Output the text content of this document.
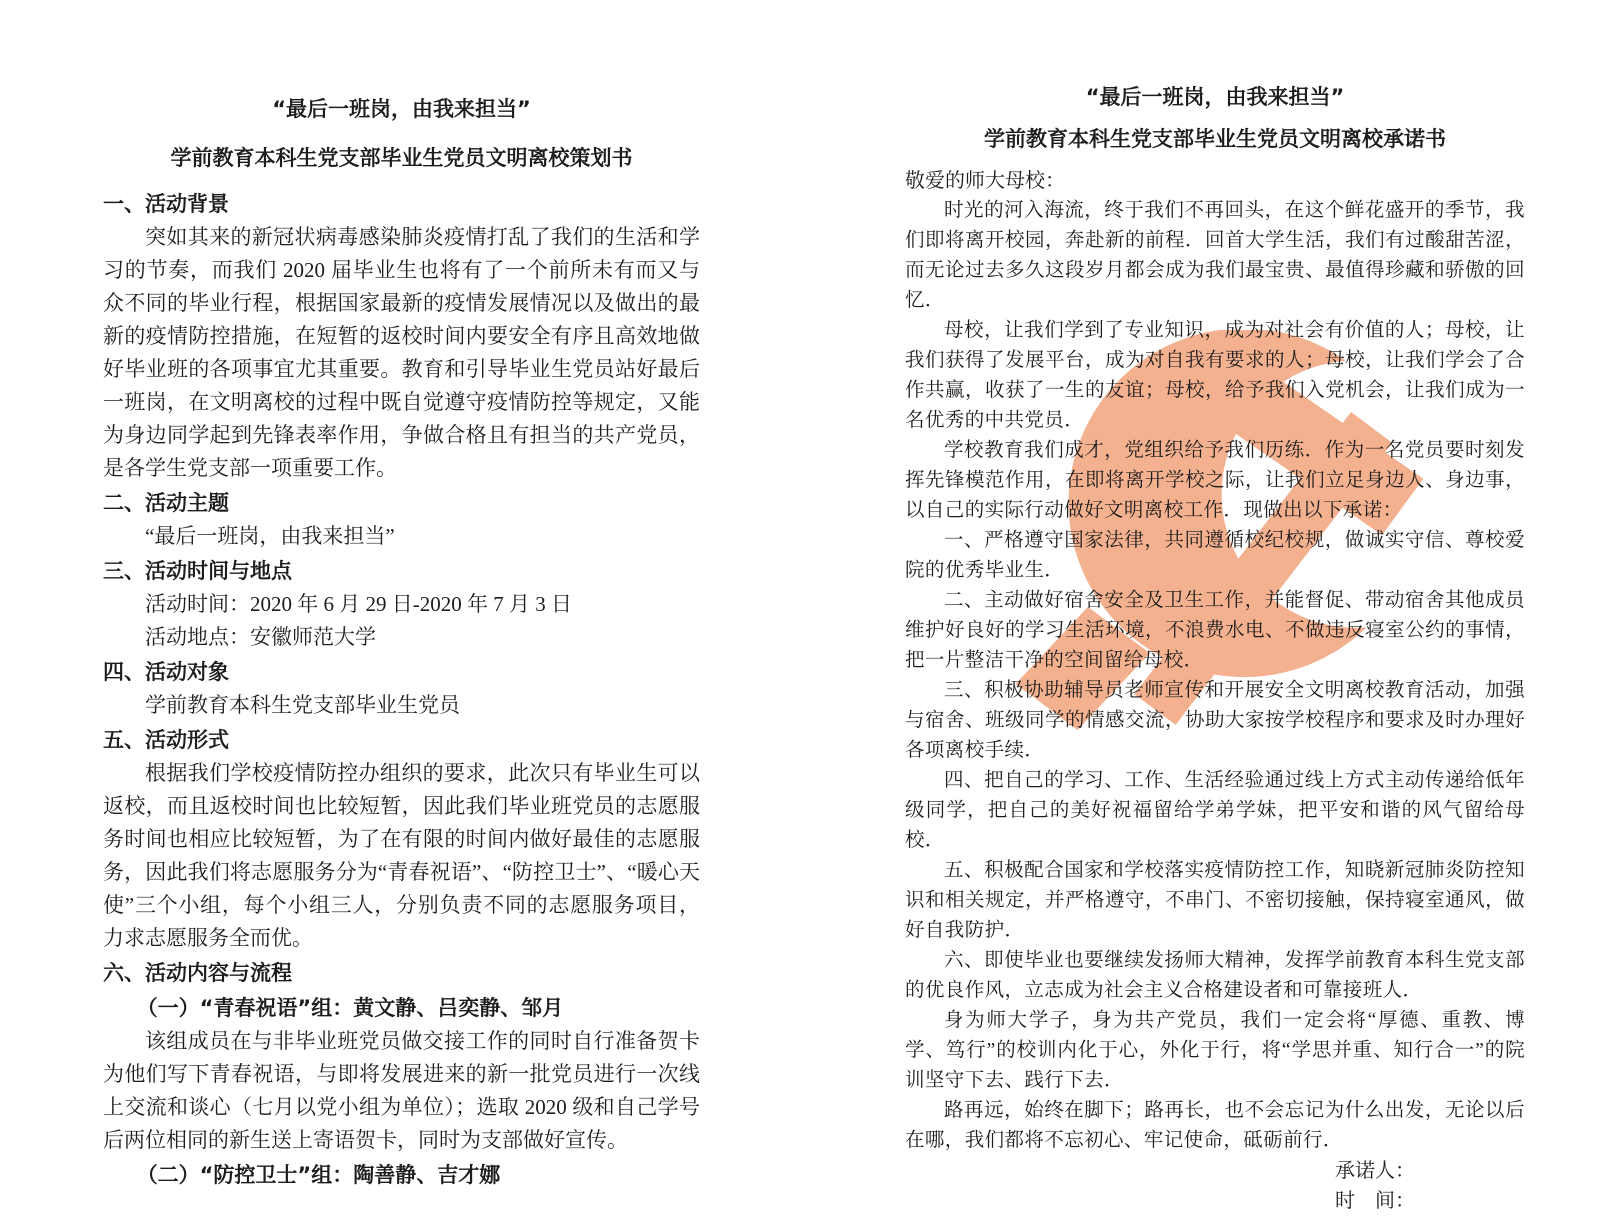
“最后一班岗，由我来担当”
学前教育本科生党支部毕业生党员文明离校策划书
一、活动背景
突如其来的新冠状病毒感染肺炎疫情打乱了我们的生活和学习的节奏，而我们 2020 届毕业生也将有了一个前所未有而又与众不同的毕业行程，根据国家最新的疫情发展情况以及做出的最新的疫情防控措施，在短暂的返校时间内要安全有序且高效地做好毕业班的各项事宜尤其重要。教育和引导毕业生党员站好最后一班岗，在文明离校的过程中既自觉遵守疫情防控等规定，又能为身边同学起到先锋表率作用，争做合格且有担当的共产党员，是各学生党支部一项重要工作。
二、活动主题
“最后一班岗，由我来担当”
三、活动时间与地点
活动时间：2020 年 6 月 29 日-2020 年 7 月 3 日
活动地点：安徽师范大学
四、活动对象
学前教育本科生党支部毕业生党员
五、活动形式
根据我们学校疫情防控办组织的要求，此次只有毕业生可以返校，而且返校时间也比较短暂，因此我们毕业班党员的志愿服务时间也相应比较短暂，为了在有限的时间内做好最佳的志愿服务，因此我们将志愿服务分为“青春祝语”、“防控卫士”、“暖心天使”三个小组，每个小组三人，分别负责不同的志愿服务项目，力求志愿服务全而优。
六、活动内容与流程
（一）“青春祝语”组：黄文静、吕奕静、邹月
该组成员在与非毕业班党员做交接工作的同时自行准备贺卡为他们写下青春祝语，与即将发展进来的新一批党员进行一次线上交流和谈心（七月以党小组为单位）；选取 2020 级和自己学号后两位相同的新生送上寄语贺卡，同时为支部做好宣传。
（二）“防控卫士”组：陶善静、吉才娜
“最后一班岗，由我来担当”
学前教育本科生党支部毕业生党员文明离校承诺书
敬爱的师大母校：
时光的河入海流，终于我们不再回头，在这个鲜花盛开的季节，我们即将离开校园，奔赴新的前程．回首大学生活，我们有过酸甜苦涩，而无论过去多久这段岁月都会成为我们最宝贵、最值得珍藏和骄傲的回忆．
母校，让我们学到了专业知识，成为对社会有价值的人；母校，让我们获得了发展平台，成为对自我有要求的人；母校，让我们学会了合作共赢，收获了一生的友谊；母校，给予我们入党机会，让我们成为一名优秀的中共党员．
学校教育我们成才，党组织给予我们历练．作为一名党员要时刻发挥先锋模范作用，在即将离开学校之际，让我们立足身边人、身边事，以自己的实际行动做好文明离校工作．现做出以下承诺：
一、严格遵守国家法律，共同遵循校纪校规，做诚实守信、尊校爱院的优秀毕业生．
二、主动做好宿舍安全及卫生工作，并能督促、带动宿舍其他成员维护好良好的学习生活环境，不浪费水电、不做违反寝室公约的事情，把一片整洁干净的空间留给母校．
三、积极协助辅导员老师宣传和开展安全文明离校教育活动，加强与宿舍、班级同学的情感交流，协助大家按学校程序和要求及时办理好各项离校手续．
四、把自己的学习、工作、生活经验通过线上方式主动传递给低年级同学，把自己的美好祝福留给学弟学妹，把平安和谐的风气留给母校．
五、积极配合国家和学校落实疫情防控工作，知晓新冠肺炎防控知识和相关规定，并严格遵守，不串门、不密切接触，保持寝室通风，做好自我防护．
六、即使毕业也要继续发扬师大精神，发挥学前教育本科生党支部的优良作风，立志成为社会主义合格建设者和可靠接班人．
身为师大学子，身为共产党员，我们一定会将“厚德、重教、博学、笃行”的校训内化于心，外化于行，将“学思并重、知行合一”的院训坚守下去、践行下去．
路再远，始终在脚下；路再长，也不会忘记为什么出发，无论以后在哪，我们都将不忘初心、牢记使命，砥砺前行．
承诺人：
时　间：
